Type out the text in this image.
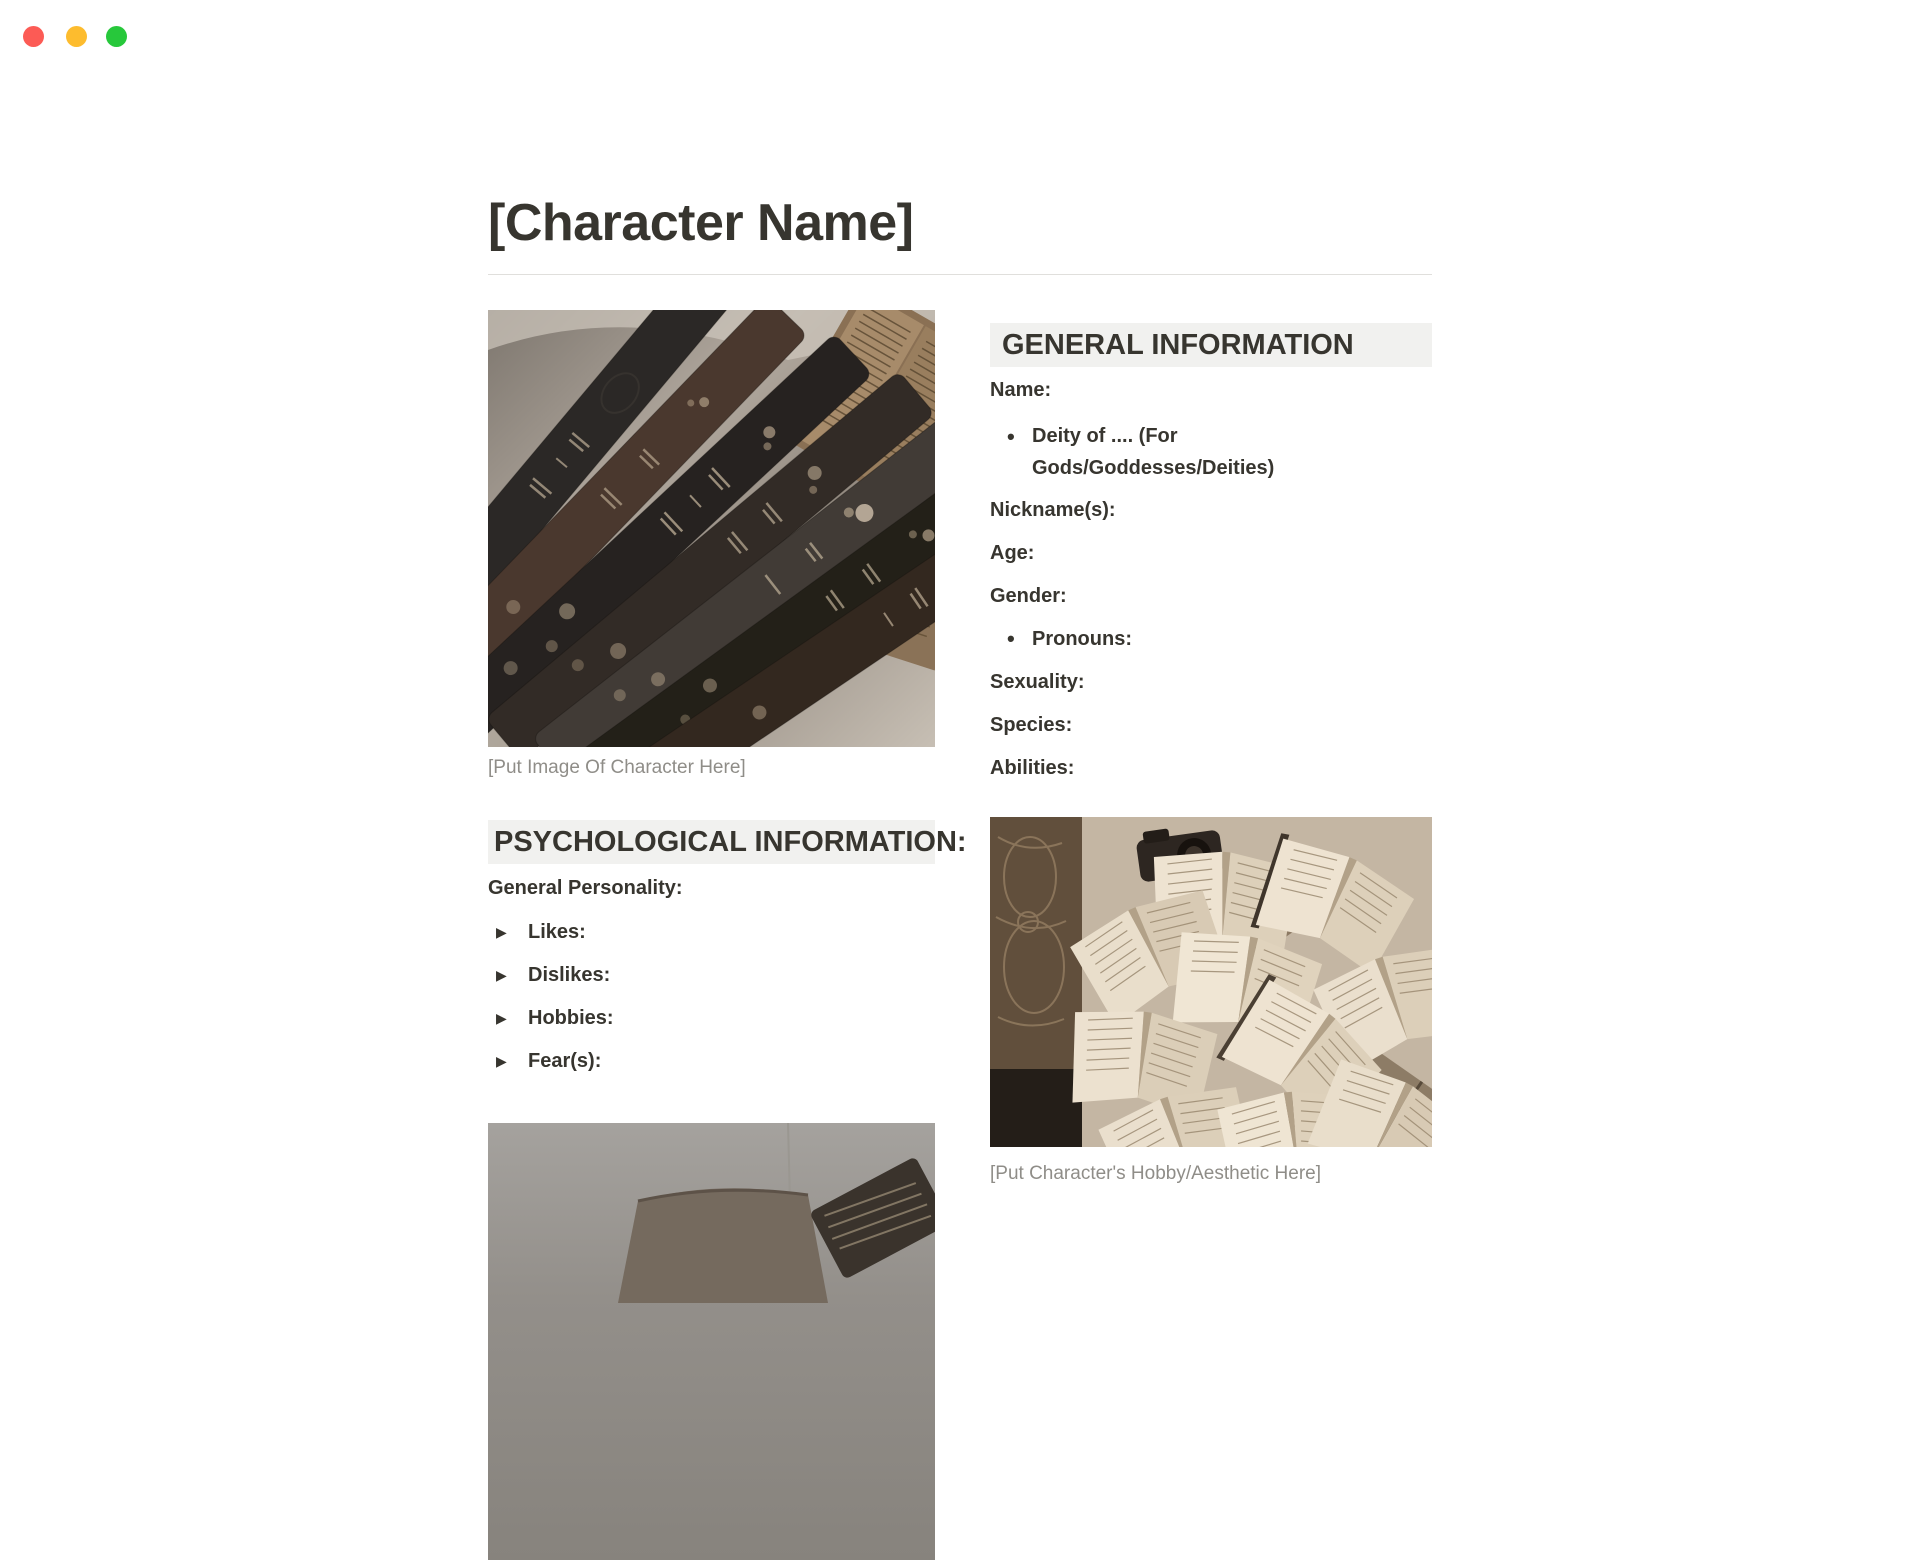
[Character Name]
[Put Image Of Character Here]
PSYCHOLOGICAL INFORMATION:

General Personality:

▶ Likes:
▶ Dislikes:
▶ Hobbies:
▶ Fear(s):
GENERAL INFORMATION

Name:

• Deity of .... (For Gods/Goddesses/Deities)

Nickname(s):

Age:

Gender:

• Pronouns:

Sexuality:

Species:

Abilities:

[Put Character's Hobby/Aesthetic Here]
